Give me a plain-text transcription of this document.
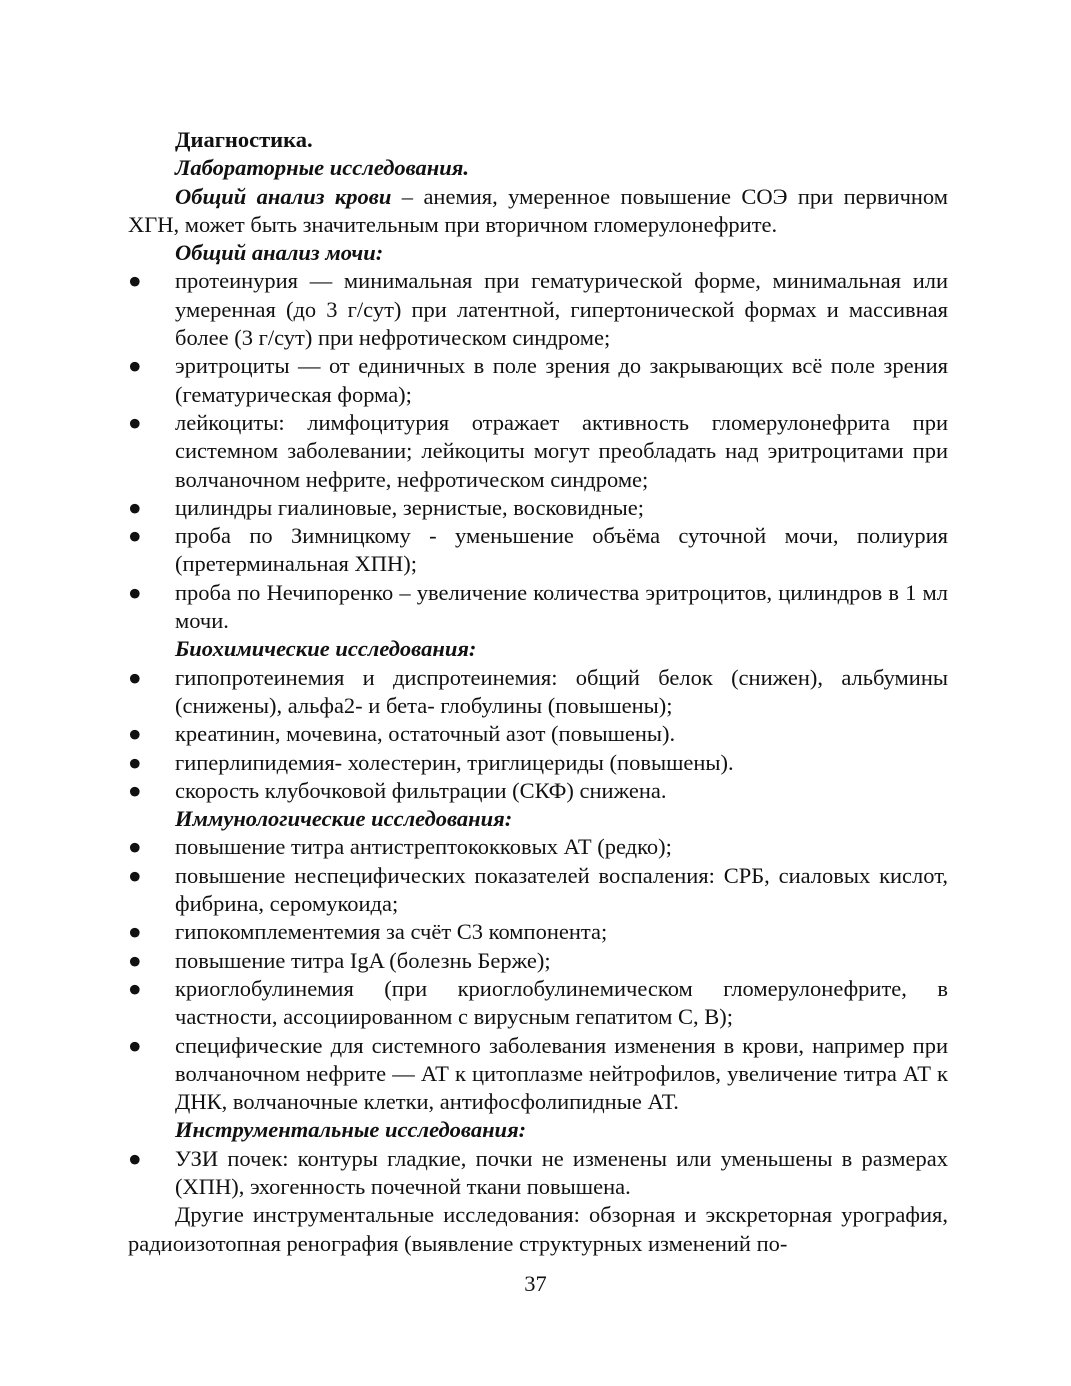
Диагностика.

Лабораторные исследования.

Общий анализ крови – анемия, умеренное повышение СОЭ при первичном ХГН, может быть значительным при вторичном гломерулонефрите.

Общий анализ мочи:

● протеинурия — минимальная при гематурической форме, минимальная или умеренная (до 3 г/сут) при латентной, гипертонической формах и массивная более (3 г/сут) при нефротическом синдроме;

● эритроциты — от единичных в поле зрения до закрывающих всё поле зрения (гематурическая форма);

● лейкоциты: лимфоцитурия отражает активность гломерулонефрита при системном заболевании; лейкоциты могут преобладать над эритроцитами при волчаночном нефрите, нефротическом синдроме;

● цилиндры гиалиновые, зернистые, восковидные;

● проба по Зимницкому - уменьшение объёма суточной мочи, полиурия (претерминальная ХПН);

● проба по Нечипоренко – увеличение количества эритроцитов, цилиндров в 1 мл мочи.

Биохимические исследования:

● гипопротеинемия и диспротеинемия: общий белок (снижен), альбумины (снижены), альфа2- и бета- глобулины (повышены);

● креатинин, мочевина, остаточный азот (повышены).

● гиперлипидемия- холестерин, триглицериды (повышены).

● скорость клубочковой фильтрации (СКФ) снижена.

Иммунологические исследования:

● повышение титра антистрептококковых АТ (редко);

● повышение неспецифических показателей воспаления: СРБ, сиаловых кислот, фибрина, серомукоида;

● гипокомплементемия за счёт С3 компонента;

● повышение титра IgA (болезнь Берже);

● криоглобулинемия (при криоглобулинемическом гломерулонефрите, в частности, ассоциированном с вирусным гепатитом С, В);

● специфические для системного заболевания изменения в крови, например при волчаночном нефрите — АТ к цитоплазме нейтрофилов, увеличение титра АТ к ДНК, волчаночные клетки, антифосфолипидные АТ.

Инструментальные исследования:

● УЗИ почек: контуры гладкие, почки не изменены или уменьшены в размерах (ХПН), эхогенность почечной ткани повышена.

Другие инструментальные исследования: обзорная и экскреторная урография, радиоизотопная ренография (выявление структурных изменений по-

37
